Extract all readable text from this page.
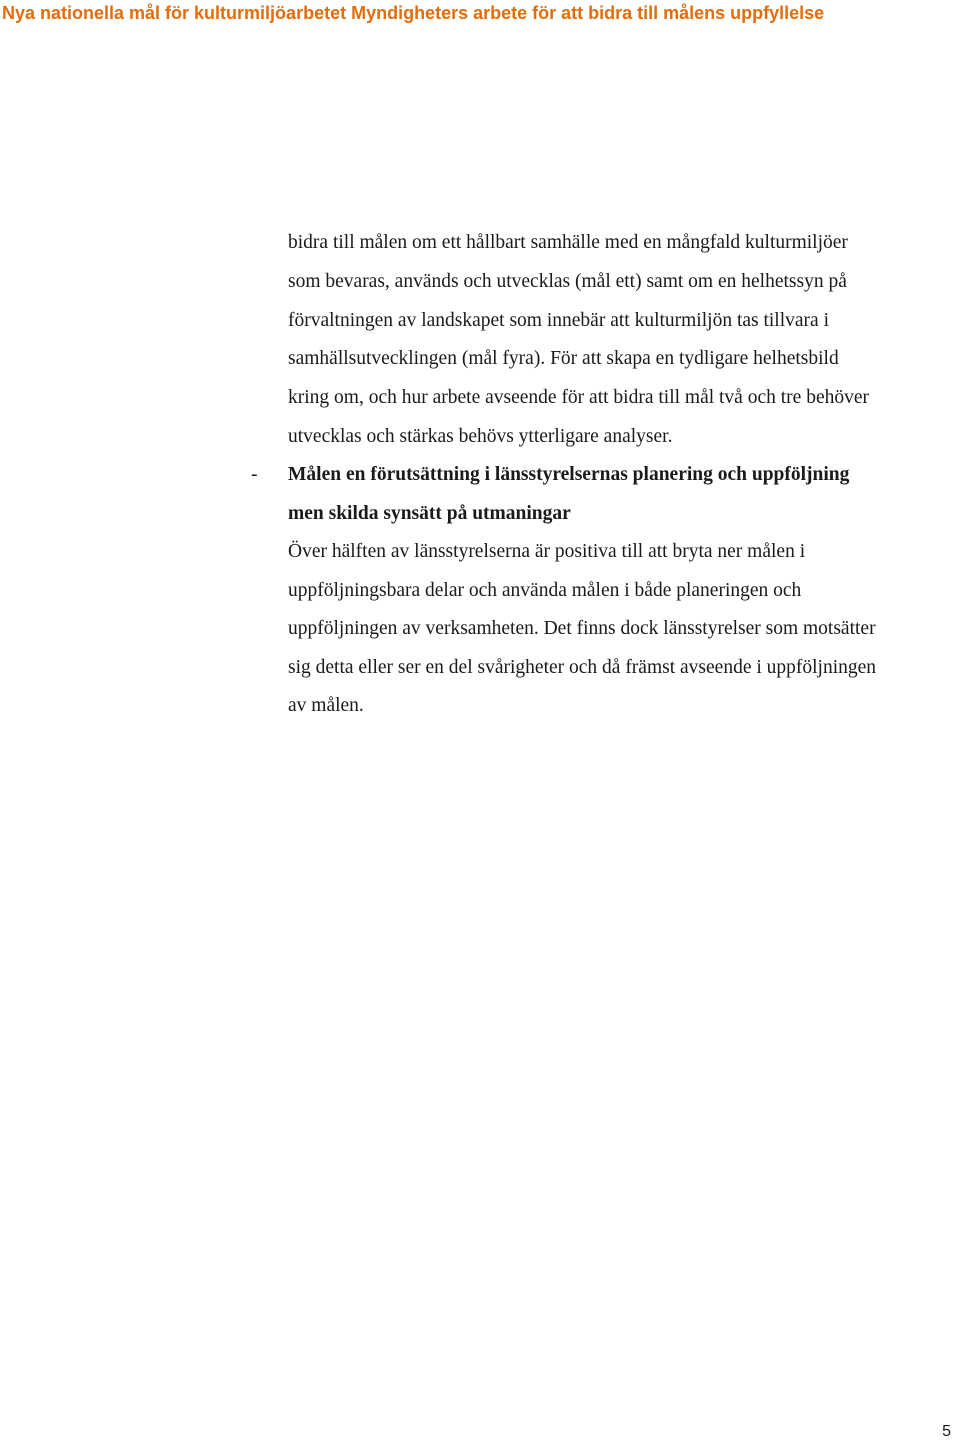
Nya nationella mål för kulturmiljöarbetet Myndigheters arbete för att bidra till målens uppfyllelse
bidra till målen om ett hållbart samhälle med en mångfald kulturmiljöer
som bevaras, används och utvecklas (mål ett) samt om en helhetssyn på
förvaltningen av landskapet som innebär att kulturmiljön tas tillvara i
samhällsutvecklingen (mål fyra). För att skapa en tydligare helhetsbild
kring om, och hur arbete avseende för att bidra till mål två och tre behöver
utvecklas och stärkas behövs ytterligare analyser.
- Målen en förutsättning i länsstyrelsernas planering och uppföljning
men skilda synsätt på utmaningar
Över hälften av länsstyrelserna är positiva till att bryta ner målen i
uppföljningsbara delar och använda målen i både planeringen och
uppföljningen av verksamheten. Det finns dock länsstyrelser som motsätter
sig detta eller ser en del svårigheter och då främst avseende i uppföljningen
av målen.
5
